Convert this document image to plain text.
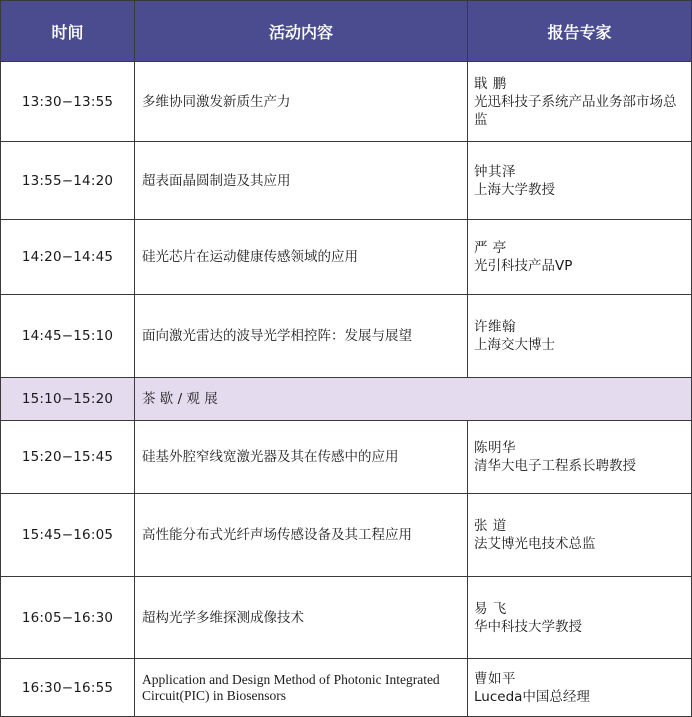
时间	活动内容	报告专家
13:30−13:55	多维协同激发新质生产力	戢 鹏
光迅科技子系统产品业务部市场总监

13:55−14:20	超表面晶圆制造及其应用	钟其泽
上海大学教授

14:20−14:45	硅光芯片在运动健康传感领域的应用	严 亭
光引科技产品VP

14:45−15:10	面向激光雷达的波导光学相控阵：发展与展望	许维翰
上海交大博士

15:10−15:20	茶 歇 / 观 展	
15:20−15:45	硅基外腔窄线宽激光器及其在传感中的应用	陈明华
清华大电子工程系长聘教授

15:45−16:05	高性能分布式光纤声场传感设备及其工程应用	张 道
法艾博光电技术总监

16:05−16:30	超构光学多维探测成像技术	易 飞
华中科技大学教授

16:30−16:55	Application and Design Method of Photonic Integrated Circuit(PIC) in Biosensors	曹如平
Luceda中国总经理
